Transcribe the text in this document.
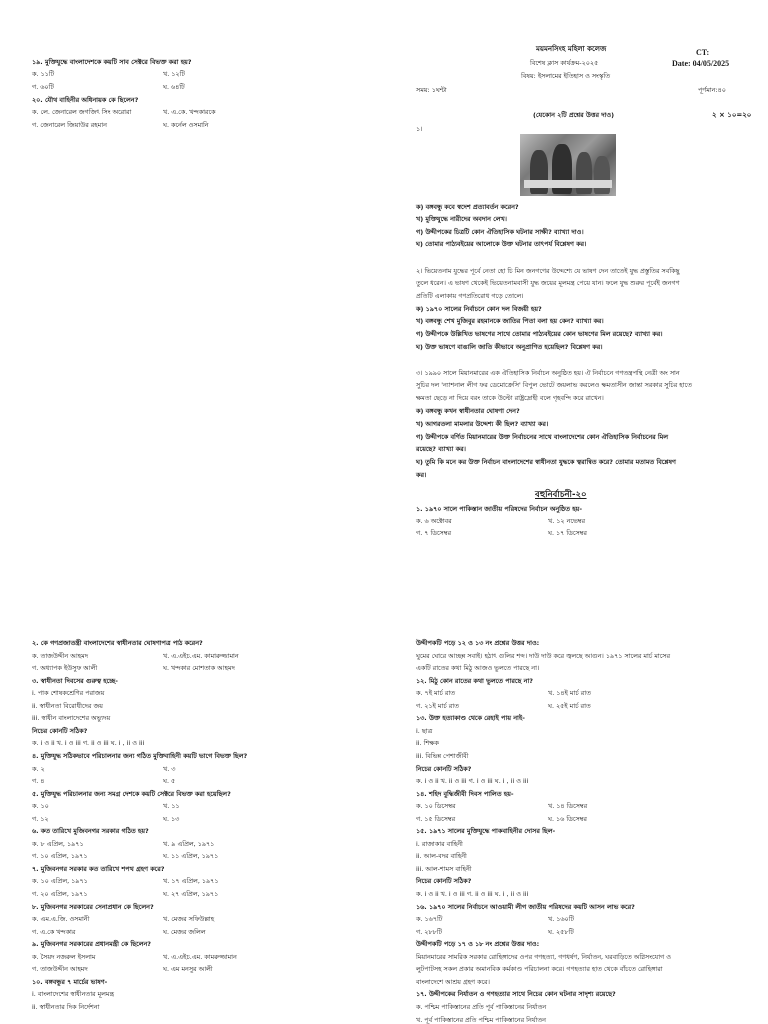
১৯. মুক্তিযুদ্ধে বাংলাদেশকে কয়টি সাব সেক্টরে বিভক্ত করা হয়?
ক. ১১টি	খ. ১২টি
গ. ৬০টি	ঘ. ৬৪টি
২০. যৌথ বাহিনীর অধিনায়ক কে ছিলেন?
ক. লে. জেনারেল জগজিৎ সিং অরোরা	খ. এ.কে. খন্দকারকে
গ. জেনারেল জিয়াউর রহমান	ঘ. কর্নেল ওসমানি
ময়মনসিংহ মহিলা কলেজ
বিশেষ ক্লাস কার্যক্রম-২০২৫
বিষয়: ইসলামের ইতিহাস ও সংস্কৃতি
CT:
Date: 04/05/2025
সময়: ১ঘন্টা	পূর্ণমান:৪০
(যেকোন ২টি প্রশ্নের উত্তর দাও)	২ × ১০=২০
১।
ক) বঙ্গবন্ধু কবে স্বদেশ প্রত্যাবর্তন করেন?
খ) মুক্তিযুদ্ধে নারীদের অবদান লেখ।
গ) উদ্দীপকের চিত্রটি কোন ঐতিহাসিক ঘটনার সাক্ষী? ব্যাখ্যা দাও।
ঘ) তোমার পাঠ্যবইয়ের আলোকে উক্ত ঘটনার তাৎপর্য বিশ্লেষণ কর।
২। ভিয়েতনাম যুদ্ধের পূর্বে নেতা হো চি মিন জনগণের উদ্দেশ্যে যে ভাষণ দেন তাতেই যুদ্ধ প্রস্তুতির সবকিছু
তুলে ধরেন। এ ভাষণ থেকেই ভিয়েতনামবাসী যুদ্ধ জয়ের মূলমন্ত্র পেয়ে যান। ফলে যুদ্ধ শুরুর পূর্বেই জনগণ
প্রতিটি এলাকায় গণপ্রতিরোধ গড়ে তোলে।
ক) ১৯৭০ সালের নির্বাচনে কোন দল বিজয়ী হয়?
খ) বঙ্গবন্ধু শেখ মুজিবুর রহমানকে জাতির পিতা বলা হয় কেন? ব্যাখ্যা কর।
গ) উদ্দীপকে উল্লিখিত ভাষণের সাথে তোমার পাঠ্যবইয়ের কোন ভাষণের মিল রয়েছে? ব্যাখ্যা কর।
ঘ) উক্ত ভাষণে বাঙালি জাতি কীভাবে অনুপ্রাণিত হয়েছিল? বিশ্লেষণ কর।
৩। ১৯৯০ সালে মিয়ানমারের এক ঐতিহাসিক নির্বাচন অনুষ্ঠিত হয়। ঐ নির্বাচনে গণতন্ত্রপন্থি নেত্রী অং সান
সুচির দল 'ন্যাশনাল লীগ ফর ডেমোক্রেসি' বিপুল ভোটে জয়লাভ করলেও ক্ষমতাসীন জান্তা সরকার সুচির হাতে
ক্ষমতা ছেড়ে না দিয়ে বরং তাকে উল্টো রাষ্ট্রদ্রোহী বলে গৃহবন্দি করে রাখেন।
ক) বঙ্গবন্ধু কখন স্বাধীনতার ঘোষণা দেন?
খ) আগরতলা মামলার উদ্দেশ্য কী ছিল? ব্যাখ্যা কর।
গ) উদ্দীপকে বর্ণিত মিয়ানমারের উক্ত নির্বাচনের সাথে বাংলাদেশের কোন ঐতিহাসিক নির্বাচনের মিল
রয়েছে? ব্যাখ্যা কর।
ঘ) তুমি কি মনে কর উক্ত নির্বাচন বাংলাদেশের স্বাধীনতা যুদ্ধকে ত্বরান্বিত করে? তোমার মতামত বিশ্লেষণ
কর।
বহুনির্বাচনী-২০
১. ১৯৭০ সালে পাকিস্তান জাতীয় পরিষদের নির্বাচন অনুষ্ঠিত হয়-
ক. ৬ অক্টোবর	খ. ১২ নভেম্বর
গ. ৭ ডিসেম্বর	ঘ. ১৭ ডিসেম্বর
২. কে গণপ্রজাতন্ত্রী বাংলাদেশের স্বাধীনতার ঘোষণাপত্র পাঠ করেন?
ক. তাজউদ্দীন আহমদ	খ. এ.এইচ.এম. কামারুজ্জামান
গ. অধ্যাপক ইউসুফ আলী	ঘ. খন্দকার মোশতাক আহমদ
৩. স্বাধীনতা দিবসের গুরুত্ব হচ্ছে-
i. পাক শোষকশ্রেণির পরাজয়
ii. স্বাধীনতা বিরোধীদের জয়
iii. স্বাধীন বাংলাদেশের অভ্যুদয়
নিচের কোনটি সঠিক?
ক. i ও ii খ. i ও iii গ. ii ও iii ঘ. i , ii ও iii
৪. মুক্তিযুদ্ধ সঠিকভাবে পরিচালনার জন্য গঠিত মুক্তিবাহিনী কয়টি ভাগে বিভক্ত ছিল?
ক. ২	খ. ৩
গ. ৪	ঘ. ৫
৫. মুক্তিযুদ্ধ পরিচালনার জন্য সমগ্র দেশকে কয়টি সেক্টরে বিভক্ত করা হয়েছিল?
ক. ১০	খ. ১১
গ. ১২	ঘ. ১৩
৬. কত তারিখে মুজিবনগর সরকার গঠিত হয়?
ক. ৮ এপ্রিল, ১৯৭১	খ. ৯ এপ্রিল, ১৯৭১
গ. ১০ এপ্রিল, ১৯৭১	ঘ. ১১ এপ্রিল, ১৯৭১
৭. মুজিবনগর সরকার কত তারিখে শপথ গ্রহণ করে?
ক. ১০ এপ্রিল, ১৯৭১	খ. ১৭ এপ্রিল, ১৯৭১
গ. ২০ এপ্রিল, ১৯৭১	ঘ. ২৭ এপ্রিল, ১৯৭১
৮. মুজিবনগর সরকারের সেনাপ্রধান কে ছিলেন?
ক. এম.এ.জি. ওসমানী	খ. মেজর সফিউল্লাহ
গ. এ.কে খন্দকার	ঘ. মেজর জলিল
৯. মুজিবনগর সরকারের প্রধানমন্ত্রী কে ছিলেন?
ক. সৈয়দ নজরুল ইসলাম	খ. এ.এইচ.এম. কামরুজ্জামান
গ. তাজউদ্দীন আহমদ	ঘ. এম মনসুর আলী
১০. বঙ্গবন্ধুর ৭ মার্চের ভাষণ-
i. বাংলাদেশের স্বাধীনতার মূলমন্ত্র
ii. স্বাধীনতার দিক নির্দেশনা
উদ্দীপকটি পড়ে ১২ ও ১৩ নং প্রশ্নের উত্তর দাও:
ঘুমের ঘোরে আচ্ছন্ন সবাই। হঠাৎ গুলির শব্দ। দাউ দাউ করে জ্বলছে আগুন। ১৯৭১ সালের মার্চ মাসের
একটি রাতের কথা মিঠু আজও ভুলতে পারছে না।
১২. মিঠু কোন রাতের কথা ভুলতে পারছে না?
ক. ৭ই মার্চ রাত	খ. ১৪ই মার্চ রাত
গ. ২১ই মার্চ রাত	ঘ. ২৫ই মার্চ রাত
১৩. উক্ত হত্যাকাণ্ড থেকে রেহাই পায় নাই-
i. ছাত্র
ii. শিক্ষক
iii. বিভিন্ন পেশাজীবী
নিচের কোনটি সঠিক?
ক. i ও ii খ. ii ও iii গ. i ও iii ঘ. i , ii ও iii
১৪. শহিদ বুদ্ধিজীবী দিবস পালিত হয়-
ক. ১০ ডিসেম্বর	খ. ১৪ ডিসেম্বর
গ. ১৫ ডিসেম্বর	ঘ. ১৬ ডিসেম্বর
১৫. ১৯৭১ সালের মুক্তিযুদ্ধে পাকবাহিনীর দোসর ছিল-
i. রাজাকার বাহিনী
ii. আল-বদর বাহিনী
iii. আল-শামস বাহিনী
নিচের কোনটি সঠিক?
ক. i ও ii খ. i ও iii গ. ii ও iii ঘ. i , ii ও iii
১৬. ১৯৭০ সালের নির্বাচনে আওয়ামী লীগ জাতীয় পরিষদের কয়টি আসন লাভ করে?
ক. ১৬৭টি	খ. ১৬০টি
গ. ২৮৮টি	ঘ. ২৫৮টি
উদ্দীপকটি পড়ে ১৭ ও ১৮ নং প্রশ্নের উত্তর দাও:
মিয়ানমারের সামরিক সরকার রোহিঙ্গাদের ওপর গণহত্যা, গণধর্ষণ, নির্যাতন, ঘরবাড়িতে অগ্নিসংযোগ ও
লুটপাটসহ সকল প্রকার অমানবিক কর্মকাণ্ড পরিচালনা করে। গণহত্যার হাত থেকে বাঁচতে রোহিঙ্গারা
বাংলাদেশে আশ্রয় গ্রহণ করে।
১৭. উদ্দীপকের নির্যাতন ও গণহত্যার সাথে নিচের কোন ঘটনার সাদৃশ্য রয়েছে?
ক. পশ্চিম পাকিস্তানের প্রতি পূর্ব পাকিস্তানের নির্যাতন
খ. পূর্ব পাকিস্তানের প্রতি পশ্চিম পাকিস্তানের নির্যাতন
